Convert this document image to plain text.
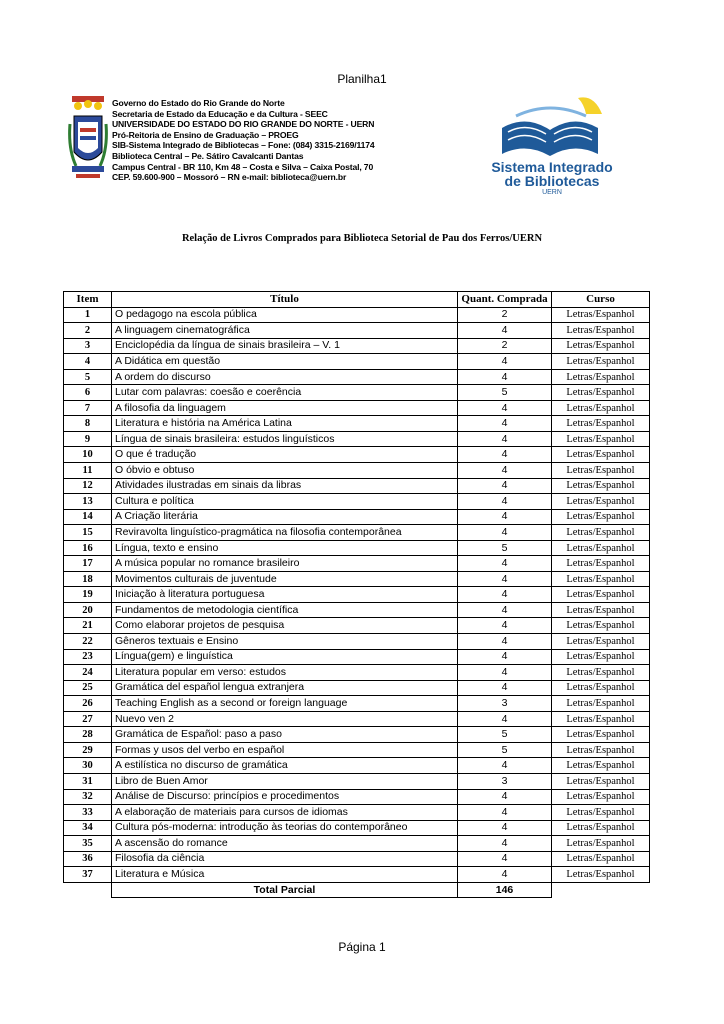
Planilha1
Governo do Estado do Rio Grande do Norte
Secretaria de Estado da Educação e da Cultura - SEEC
UNIVERSIDADE DO ESTADO DO RIO GRANDE DO NORTE - UERN
Pró-Reitoria de Ensino de Graduação – PROEG
SIB-Sistema Integrado de Bibliotecas – Fone: (084) 3315-2169/1174
Biblioteca Central – Pe. Sátiro Cavalcanti Dantas
Campus Central - BR 110, Km 48 – Costa e Silva – Caixa Postal, 70
CEP. 59.600-900 – Mossoró – RN e-mail: biblioteca@uern.br
Sistema Integrado
de Bibliotecas
UERN
Relação de Livros Comprados para Biblioteca Setorial de Pau dos Ferros/UERN
Item	Título	Quant. Comprada	Curso
1	O pedagogo na escola pública	2	Letras/Espanhol
2	A linguagem cinematográfica	4	Letras/Espanhol
3	Enciclopédia da língua de sinais brasileira – V. 1	2	Letras/Espanhol
4	A Didática em questão	4	Letras/Espanhol
5	A ordem do discurso	4	Letras/Espanhol
6	Lutar com palavras: coesão e coerência	5	Letras/Espanhol
7	A filosofia da linguagem	4	Letras/Espanhol
8	Literatura e história na América Latina	4	Letras/Espanhol
9	Língua de sinais brasileira: estudos linguísticos	4	Letras/Espanhol
10	O que é tradução	4	Letras/Espanhol
11	O óbvio e obtuso	4	Letras/Espanhol
12	Atividades ilustradas em sinais da libras	4	Letras/Espanhol
13	Cultura e política	4	Letras/Espanhol
14	A Criação literária	4	Letras/Espanhol
15	Reviravolta linguístico-pragmática na filosofia contemporânea	4	Letras/Espanhol
16	Língua, texto e ensino	5	Letras/Espanhol
17	A música popular no romance brasileiro	4	Letras/Espanhol
18	Movimentos culturais de juventude	4	Letras/Espanhol
19	Iniciação à literatura portuguesa	4	Letras/Espanhol
20	Fundamentos de metodologia científica	4	Letras/Espanhol
21	Como elaborar projetos de pesquisa	4	Letras/Espanhol
22	Gêneros textuais e Ensino	4	Letras/Espanhol
23	Língua(gem) e linguística	4	Letras/Espanhol
24	Literatura popular em verso: estudos	4	Letras/Espanhol
25	Gramática del español lengua extranjera	4	Letras/Espanhol
26	Teaching English as a second or foreign language	3	Letras/Espanhol
27	Nuevo ven 2	4	Letras/Espanhol
28	Gramática de Español: paso a paso	5	Letras/Espanhol
29	Formas y usos del verbo en español	5	Letras/Espanhol
30	A estilística no discurso de gramática	4	Letras/Espanhol
31	Libro de Buen Amor	3	Letras/Espanhol
32	Análise de Discurso: princípios e procedimentos	4	Letras/Espanhol
33	A elaboração de materiais para cursos de idiomas	4	Letras/Espanhol
34	Cultura pós-moderna: introdução às teorias do contemporâneo	4	Letras/Espanhol
35	A ascensão do romance	4	Letras/Espanhol
36	Filosofia da ciência	4	Letras/Espanhol
37	Literatura e Música	4	Letras/Espanhol
	Total Parcial	146	
Página 1
